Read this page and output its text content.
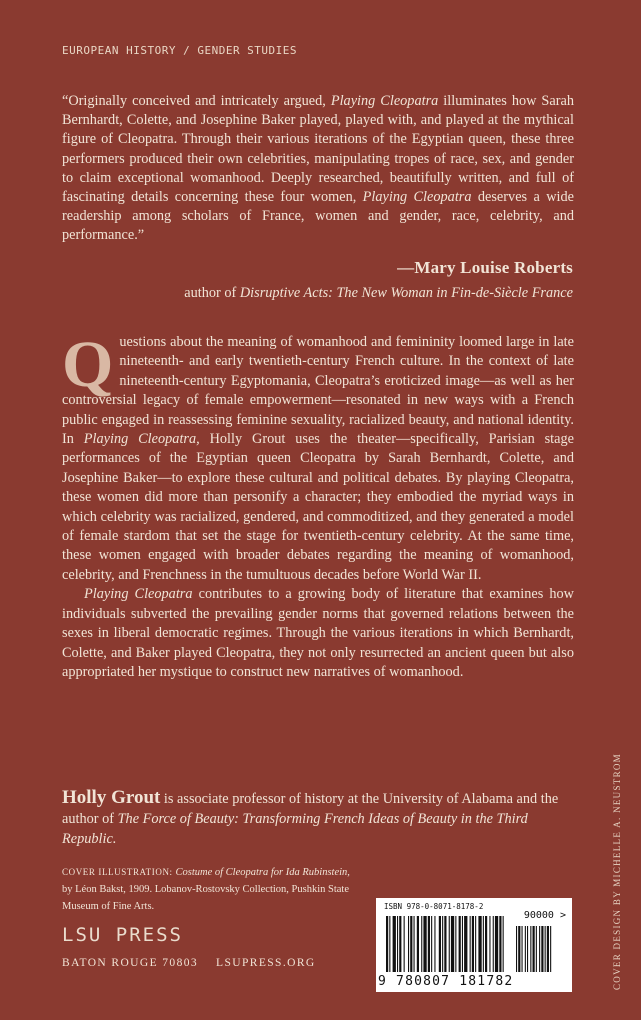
EUROPEAN HISTORY / GENDER STUDIES

“Originally conceived and intricately argued, Playing Cleopatra illuminates how Sarah Bernhardt, Colette, and Josephine Baker played, played with, and played at the mythical figure of Cleopatra. Through their various iterations of the Egyptian queen, these three performers produced their own celebrities, manipulating tropes of race, sex, and gender to claim exceptional womanhood. Deeply researched, beautifully written, and full of fascinating details concerning these four women, Playing Cleopatra deserves a wide readership among scholars of France, women and gender, race, celebrity, and performance.”

—Mary Louise Roberts
author of Disruptive Acts: The New Woman in Fin-de-Siècle France

Questions about the meaning of womanhood and femininity loomed large in late nineteenth- and early twentieth-century French culture. In the context of late nineteenth-century Egyptomania, Cleopatra’s eroticized image—as well as her controversial legacy of female empowerment—resonated in new ways with a French public engaged in reassessing feminine sexuality, racialized beauty, and national identity. In Playing Cleopatra, Holly Grout uses the theater—specifically, Parisian stage performances of the Egyptian queen Cleopatra by Sarah Bernhardt, Colette, and Josephine Baker—to explore these cultural and political debates. By playing Cleopatra, these women did more than personify a character; they embodied the myriad ways in which celebrity was racialized, gendered, and commoditized, and they generated a model of female stardom that set the stage for twentieth-century celebrity. At the same time, these women engaged with broader debates regarding the meaning of womanhood, celebrity, and Frenchness in the tumultuous decades before World War II.

Playing Cleopatra contributes to a growing body of literature that examines how individuals subverted the prevailing gender norms that governed relations between the sexes in liberal democratic regimes. Through the various iterations in which Bernhardt, Colette, and Baker played Cleopatra, they not only resurrected an ancient queen but also appropriated her mystique to construct new narratives of womanhood.

Holly Grout is associate professor of history at the University of Alabama and the author of The Force of Beauty: Transforming French Ideas of Beauty in the Third Republic.
COVER ILLUSTRATION: Costume of Cleopatra for Ida Rubinstein, by Léon Bakst, 1909. Lobanov-Rostovsky Collection, Pushkin State Museum of Fine Arts.
LSU PRESS
BATON ROUGE 70803 LSUPRESS.ORG
ISBN 978-0-8071-8178-2
90000 >
9 780807 181782	COVER DESIGN BY MICHELLE A. NEUSTROM
